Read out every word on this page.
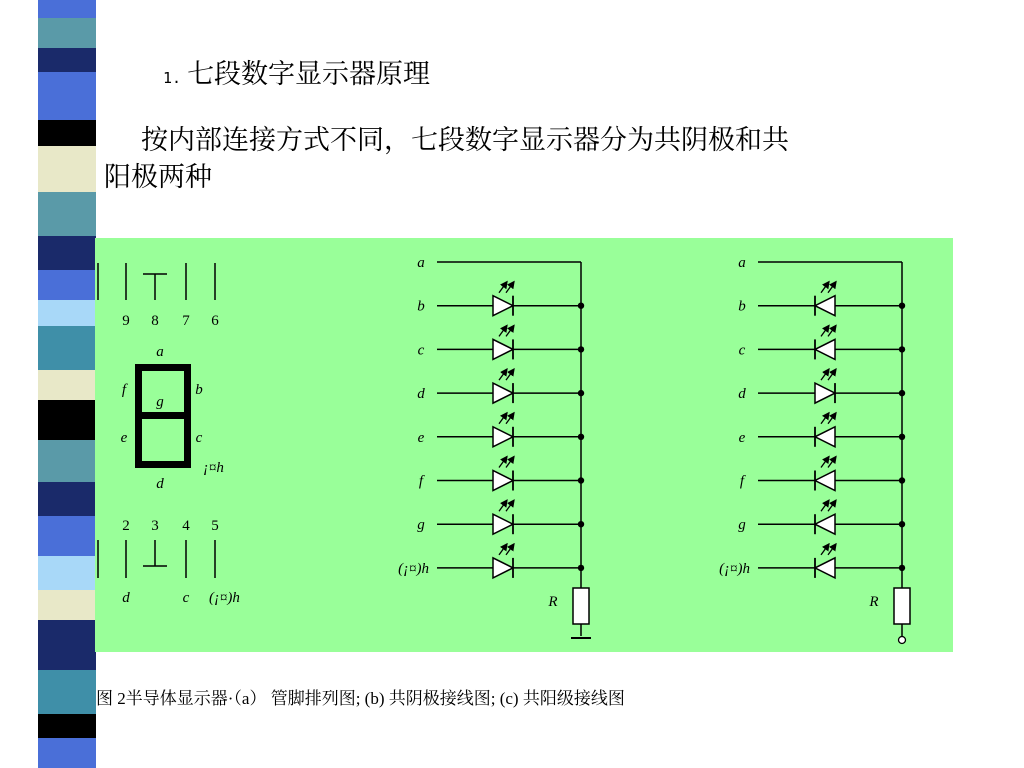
1. 七段数字显示器原理
按内部连接方式不同，七段数字显示器分为共阴极和共
阳极两种
9 8 7 6
2 3 4 5
a
f	b
g
e	c
¡¤h
d
d	c (¡¤)h
a
b
c
d
e
f
g
(¡¤)h
R
a
b
c
d
e
f
g
(¡¤)h
R
图 2半导体显示器·（a） 管脚排列图; (b) 共阴极接线图; (c) 共阳级接线图
